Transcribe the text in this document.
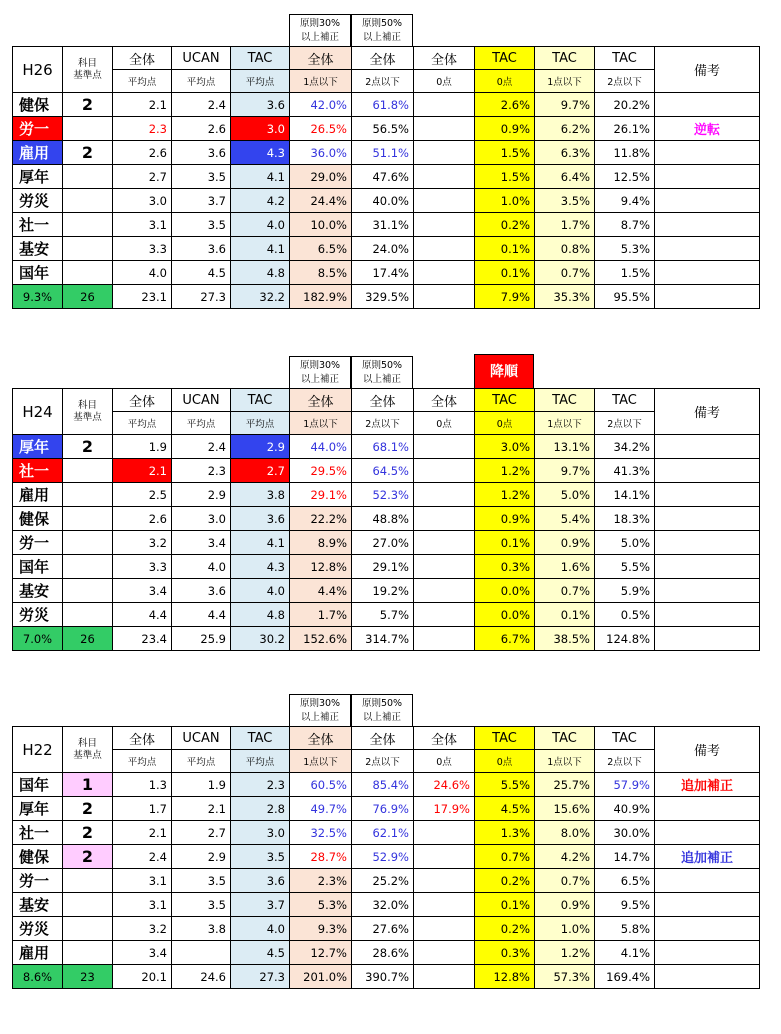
原則30%
以上補正
原則50%
以上補正
H26	科目
基準点	全体	UCAN	TAC	全体	全体	全体	TAC	TAC	TAC	備考
		平均点	平均点	平均点	1点以下	2点以下	0点	0点	1点以下	2点以下	
健保	2	2.1	2.4	3.6	42.0%	61.8%		2.6%	9.7%	20.2%	
労一		2.3	2.6	3.0	26.5%	56.5%		0.9%	6.2%	26.1%	逆転
雇用	2	2.6	3.6	4.3	36.0%	51.1%		1.5%	6.3%	11.8%	
厚年		2.7	3.5	4.1	29.0%	47.6%		1.5%	6.4%	12.5%	
労災		3.0	3.7	4.2	24.4%	40.0%		1.0%	3.5%	9.4%	
社一		3.1	3.5	4.0	10.0%	31.1%		0.2%	1.7%	8.7%	
基安		3.3	3.6	4.1	6.5%	24.0%		0.1%	0.8%	5.3%	
国年		4.0	4.5	4.8	8.5%	17.4%		0.1%	0.7%	1.5%	
9.3%	26	23.1	27.3	32.2	182.9%	329.5%		7.9%	35.3%	95.5%	
原則30%
以上補正
原則50%
以上補正	降順
H24	科目
基準点	全体	UCAN	TAC	全体	全体	全体	TAC	TAC	TAC	備考
		平均点	平均点	平均点	1点以下	2点以下	0点	0点	1点以下	2点以下	
厚年	2	1.9	2.4	2.9	44.0%	68.1%		3.0%	13.1%	34.2%	
社一		2.1	2.3	2.7	29.5%	64.5%		1.2%	9.7%	41.3%	
雇用		2.5	2.9	3.8	29.1%	52.3%		1.2%	5.0%	14.1%	
健保		2.6	3.0	3.6	22.2%	48.8%		0.9%	5.4%	18.3%	
労一		3.2	3.4	4.1	8.9%	27.0%		0.1%	0.9%	5.0%	
国年		3.3	4.0	4.3	12.8%	29.1%		0.3%	1.6%	5.5%	
基安		3.4	3.6	4.0	4.4%	19.2%		0.0%	0.7%	5.9%	
労災		4.4	4.4	4.8	1.7%	5.7%		0.0%	0.1%	0.5%	
7.0%	26	23.4	25.9	30.2	152.6%	314.7%		6.7%	38.5%	124.8%	
原則30%
以上補正
原則50%
以上補正
H22	科目
基準点	全体	UCAN	TAC	全体	全体	全体	TAC	TAC	TAC	備考
		平均点	平均点	平均点	1点以下	2点以下	0点	0点	1点以下	2点以下	
国年	1	1.3	1.9	2.3	60.5%	85.4%	24.6%	5.5%	25.7%	57.9%	追加補正
厚年	2	1.7	2.1	2.8	49.7%	76.9%	17.9%	4.5%	15.6%	40.9%	
社一	2	2.1	2.7	3.0	32.5%	62.1%		1.3%	8.0%	30.0%	
健保	2	2.4	2.9	3.5	28.7%	52.9%		0.7%	4.2%	14.7%	追加補正
労一		3.1	3.5	3.6	2.3%	25.2%		0.2%	0.7%	6.5%	
基安		3.1	3.5	3.7	5.3%	32.0%		0.1%	0.9%	9.5%	
労災		3.2	3.8	4.0	9.3%	27.6%		0.2%	1.0%	5.8%	
雇用		3.4		4.5	12.7%	28.6%		0.3%	1.2%	4.1%	
8.6%	23	20.1	24.6	27.3	201.0%	390.7%		12.8%	57.3%	169.4%	
